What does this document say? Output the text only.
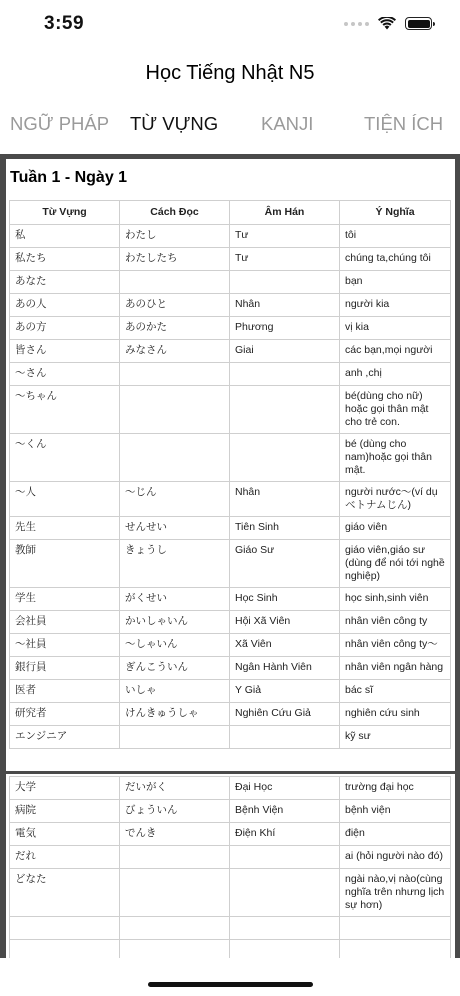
3:59
Học Tiếng Nhật N5
NGỮ PHÁP TỪ VỰNG KANJI	TIỆN ÍCH
Tuần 1 - Ngày 1
Từ Vựng	Cách Đọc	Âm Hán	Ý Nghĩa
私	わたし	Tư	tôi
私たち	わたしたち	Tư	chúng ta,chúng tôi
あなた			bạn
あの人	あのひと	Nhân	người kia
あの方	あのかた	Phương	vị kia
皆さん	みなさん	Giai	các bạn,mọi người
～さん			anh ,chị
～ちゃん			bé(dùng cho nữ) hoặc gọi thân mật cho trẻ con.
～くん			bé (dùng cho nam)hoặc gọi thân mật.
～人	～じん	Nhân	người nước～(ví dụ ベトナムじん)
先生	せんせい	Tiên Sinh	giáo viên
教師	きょうし	Giáo Sư	giáo viên,giáo sư (dùng để nói tới nghề nghiệp)
学生	がくせい	Học Sinh	học sinh,sinh viên
会社員	かいしゃいん	Hội Xã Viên	nhân viên công ty
～社員	～しゃいん	Xã Viên	nhân viên công ty～
銀行員	ぎんこういん	Ngân Hành Viên	nhân viên ngân hàng
医者	いしゃ	Y Giả	bác sĩ
研究者	けんきゅうしゃ	Nghiên Cứu Giả	nghiên cứu sinh
エンジニア			kỹ sư
大学	だいがく	Đại Học	trường đại học
病院	びょういん	Bệnh Viện	bệnh viện
電気	でんき	Điện Khí	điện
だれ			ai (hỏi người nào đó)
どなた			ngài nào,vị nào(cùng nghĩa trên nhưng lịch sự hơn)
